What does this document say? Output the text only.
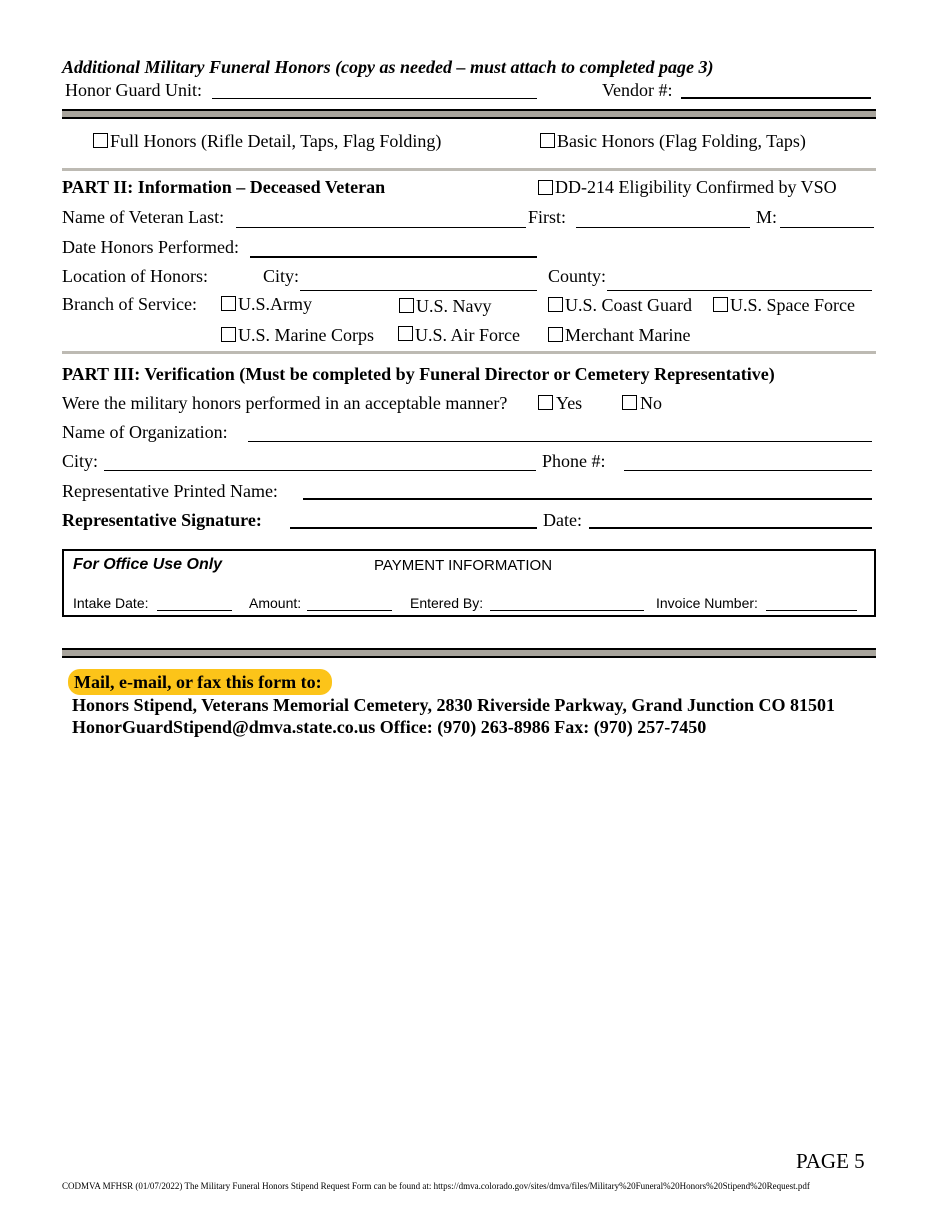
Additional Military Funeral Honors (copy as needed – must attach to completed page 3)
Honor Guard Unit:	Vendor #:
Full Honors (Rifle Detail, Taps, Flag Folding)	Basic Honors (Flag Folding, Taps)
PART II: Information – Deceased Veteran	DD-214 Eligibility Confirmed by VSO
Name of Veteran Last:	First:	M:
Date Honors Performed:
Location of Honors:	City:	County:
Branch of Service: U.S.Army	U.S. Navy	U.S. Coast Guard U.S. Space Force
U.S. Marine Corps U.S. Air Force	Merchant Marine
PART III: Verification (Must be completed by Funeral Director or Cemetery Representative)
Were the military honors performed in an acceptable manner?	Yes	No
Name of Organization:
City:	Phone #:
Representative Printed Name:
Representative Signature:	Date:
For Office Use Only	PAYMENT INFORMATION
Intake Date:	Amount:	Entered By:	Invoice Number:
Mail, e-mail, or fax this form to:
Honors Stipend, Veterans Memorial Cemetery, 2830 Riverside Parkway, Grand Junction CO 81501
HonorGuardStipend@dmva.state.co.us Office: (970) 263-8986 Fax: (970) 257-7450
PAGE 5
CODMVA MFHSR (01/07/2022) The Military Funeral Honors Stipend Request Form can be found at: https://dmva.colorado.gov/sites/dmva/files/Military%20Funeral%20Honors%20Stipend%20Request.pdf
